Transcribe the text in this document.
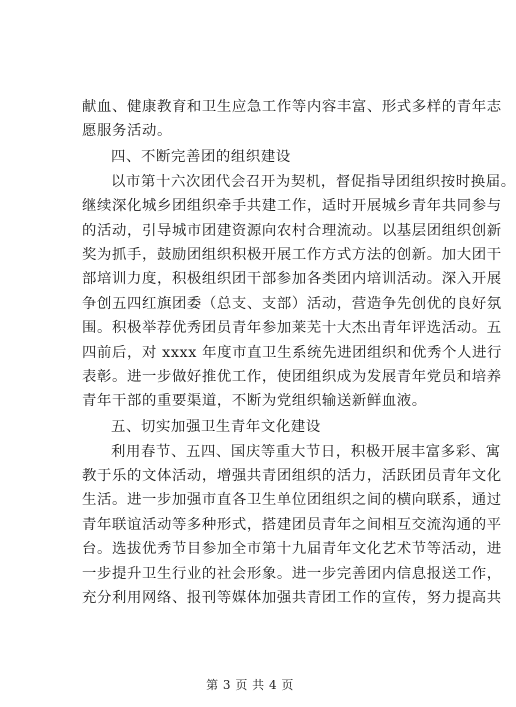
献血、健康教育和卫生应急工作等内容丰富、形式多样的青年志
愿服务活动。
四、不断完善团的组织建设
以市第十六次团代会召开为契机，督促指导团组织按时换届。
继续深化城乡团组织牵手共建工作，适时开展城乡青年共同参与
的活动，引导城市团建资源向农村合理流动。以基层团组织创新
奖为抓手，鼓励团组织积极开展工作方式方法的创新。加大团干
部培训力度，积极组织团干部参加各类团内培训活动。深入开展
争创五四红旗团委（总支、支部）活动，营造争先创优的良好氛
围。积极举荐优秀团员青年参加莱芜十大杰出青年评选活动。五
四前后，对 xxxx 年度市直卫生系统先进团组织和优秀个人进行
表彰。进一步做好推优工作，使团组织成为发展青年党员和培养
青年干部的重要渠道，不断为党组织输送新鲜血液。
五、切实加强卫生青年文化建设
利用春节、五四、国庆等重大节日，积极开展丰富多彩、寓
教于乐的文体活动，增强共青团组织的活力，活跃团员青年文化
生活。进一步加强市直各卫生单位团组织之间的横向联系，通过
青年联谊活动等多种形式，搭建团员青年之间相互交流沟通的平
台。选拔优秀节目参加全市第十九届青年文化艺术节等活动，进
一步提升卫生行业的社会形象。进一步完善团内信息报送工作，
充分利用网络、报刊等媒体加强共青团工作的宣传，努力提高共
第 3 页 共 4 页
